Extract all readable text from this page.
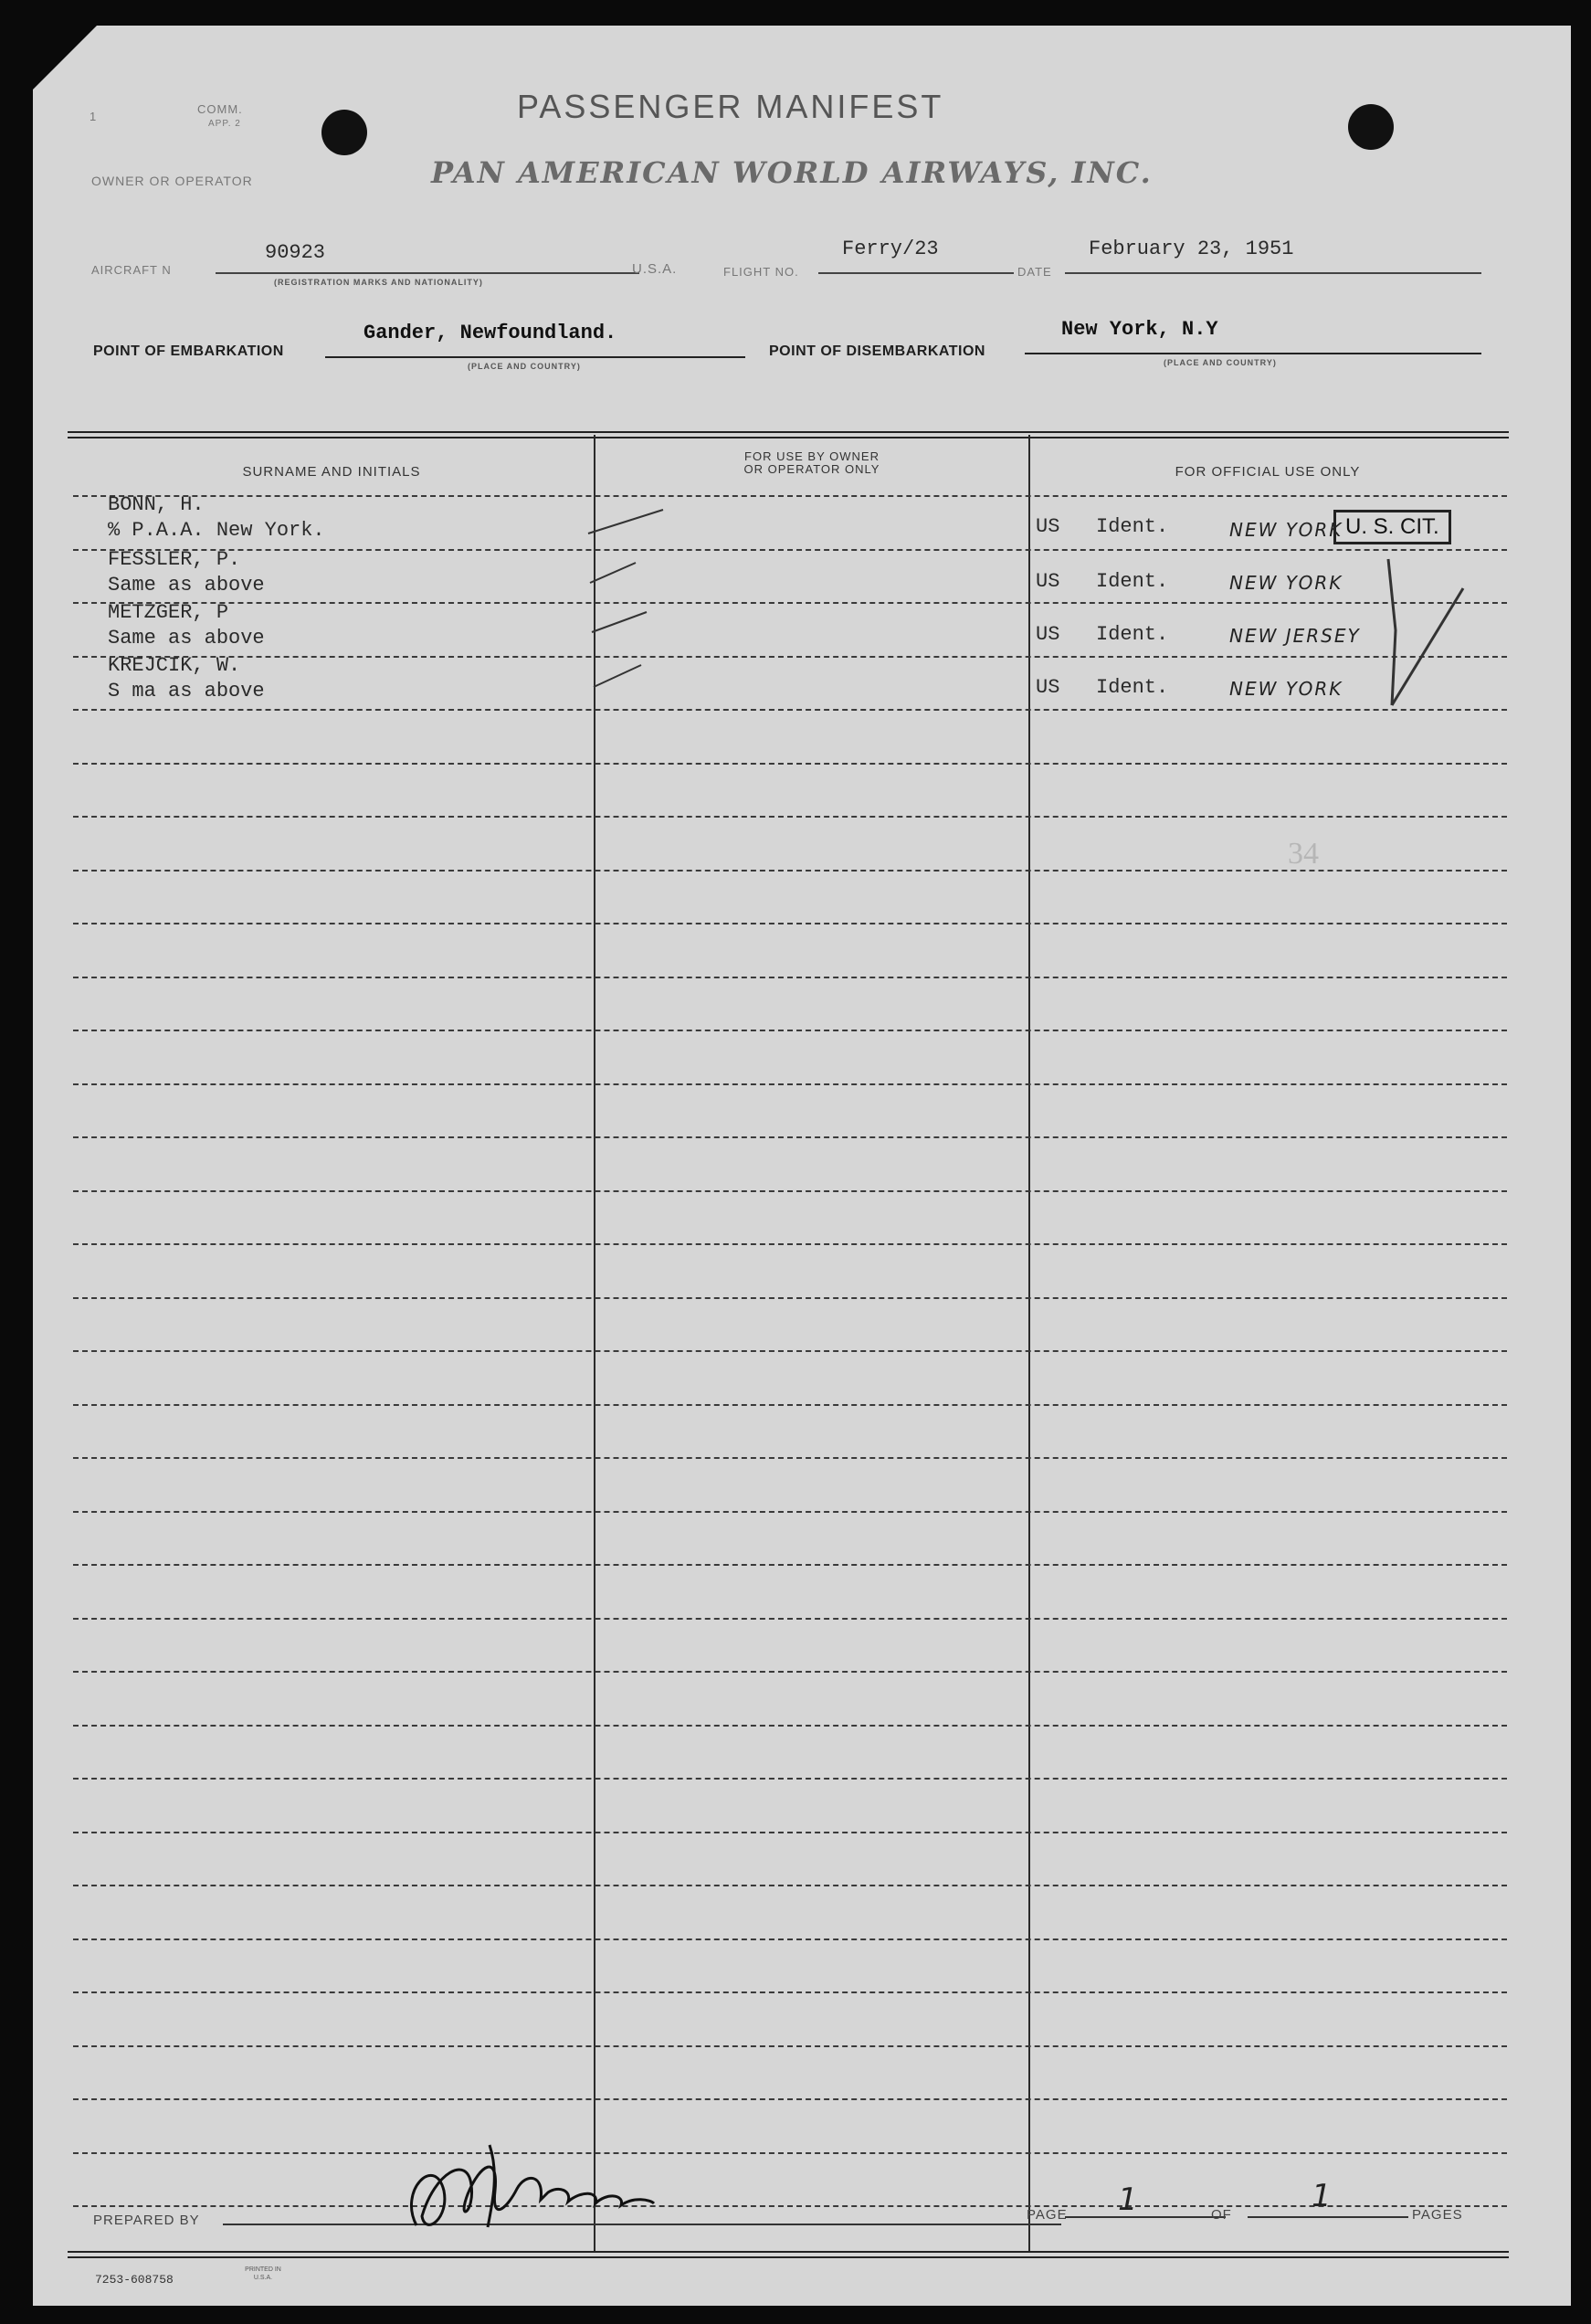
1
COMM.
APP. 2	PASSENGER MANIFEST
OWNER OR OPERATOR	PAN AMERICAN WORLD AIRWAYS, INC.
AIRCRAFT N
90923
(REGISTRATION MARKS AND NATIONALITY)
U.S.A.	FLIGHT NO.
Ferry/23
DATE
February 23, 1951
POINT OF EMBARKATION
Gander, Newfoundland.
(PLACE AND COUNTRY)
POINT OF DISEMBARKATION
New York, N.Y
(PLACE AND COUNTRY)
SURNAME AND INITIALS
FOR USE BY OWNER
OR OPERATOR ONLY	FOR OFFICIAL USE ONLY
BONN, H.
% P.A.A. New York.	US Ident.	NEW YORK
FESSLER, P.
Same as above	US Ident.	NEW YORK
METZGER, P
Same as above	US Ident.	NEW JERSEY
KREJCIK, W.
S ma as above	US Ident.	NEW YORK
U. S. CIT.
34
PREPARED BY	PAGE 1	OF
1
PAGES
7253-608758
PRINTED IN U.S.A.
